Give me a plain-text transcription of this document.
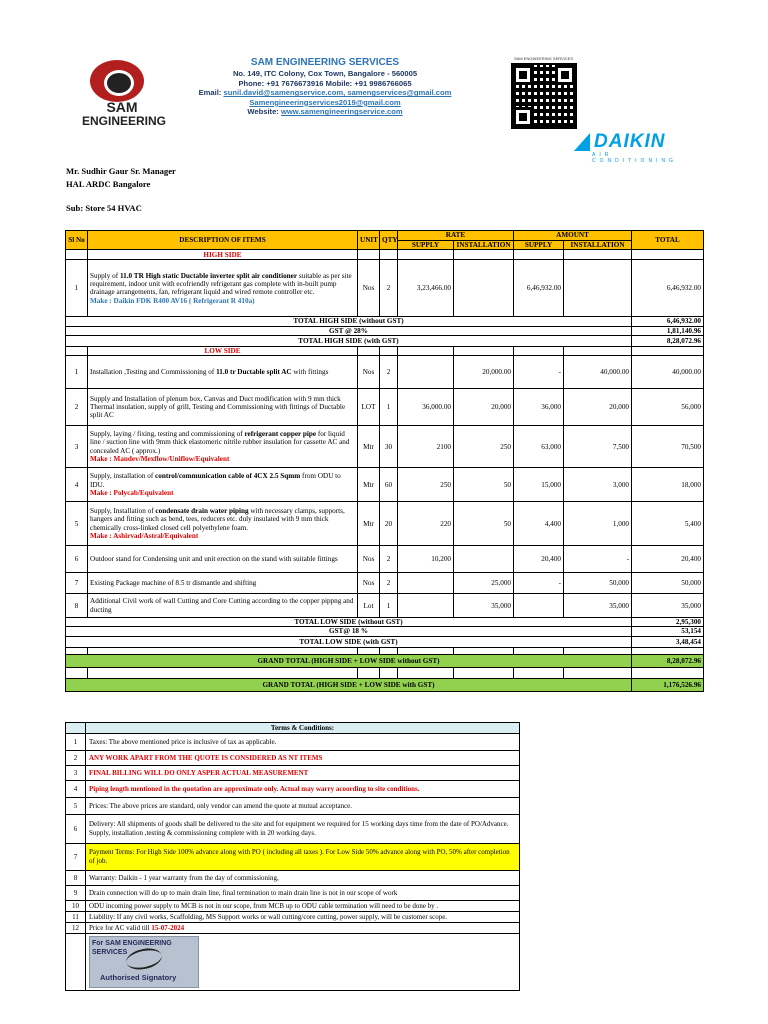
SAM
ENGINEERING
SAM ENGINEERING SERVICES
No. 149, ITC Colony, Cox Town, Bangalore - 560005
Phone: +91 7676673916 Mobile: +91 9986766065
Email: sunil.david@samengservice.com, samengservices@gmail.com
Samengineeringservices2019@gmail.com
Website: www.samengineeringservice.com
SAM ENGINEERING SERVICES
DAIKIN
AIR CONDITIONING
Mr. Sudhir Gaur Sr. Manager
HAL ARDC Bangalore
Sub: Store 54 HVAC
Sl No	DESCRIPTION OF ITEMS	UNIT	QTY	RATE		AMOUNT		TOTAL
				SUPPLY	INSTALLATION	SUPPLY	INSTALLATION	
	HIGH SIDE							
1	Supply of 11.0 TR High static Ductable inverter split air conditioner suitable as per site requirement, indoor unit with ecofriendly refrigerant gas complete with in-built pump drainage arrangements, fan, refrigerant liquid and wired remote controller etc.
Make : Daikin FDK R400 AV16 ( Refrigerant R 410a)	Nos	2	3,23,466.00		6,46,932.00		6,46,932.00
TOTAL HIGH SIDE (without GST)								6,46,932.00
GST @ 28%								1,81,140.96
TOTAL HIGH SIDE (with GST)								8,28,072.96
	LOW SIDE							
1	Installation ,Testing and Commissioning of 11.0 tr Ductable split AC with fittings	Nos	2		20,000.00	-	40,000.00	40,000.00
2	Supply and Installation of plenum box, Canvas and Duct modification with 9 mm thick Thermal insulation, supply of grill, Testing and Commissioning with fittings of Ductable split AC	LOT	1	36,000.00	20,000	36,000	20,000	56,000
3	Supply, laying / fixing, testing and commissioning of refrigerant copper pipe for liquid line / suction line with 9mm thick elastomeric nitrile rubber insulation for cassette AC and concealed AC ( approx.)
Make : Mandev/Mexflow/Uniflow/Equivalent	Mtr	30	2100	250	63,000	7,500	70,500
4	Supply, installation of control/communication cable of 4CX 2.5 Sqmm from ODU to IDU.
Make : Polycab/Equivalent	Mtr	60	250	50	15,000	3,000	18,000
5	Supply, Installation of condensate drain water piping with necessary clamps, supports, hangers and fitting such as bend, tees, reducers etc. duly insulated with 9 mm thick chemically cross-linked closed cell polyethylene foam.
Make : Ashirvad/Astral/Equivalent	Mtr	20	220	50	4,400	1,000	5,400
6	Outdoor stand for Condensing unit and unit erection on the stand with suitable fittings	Nos	2	10,200		20,400	-	20,400
7	Existing Package machine of 8.5 tr dismantle and shifting	Nos	2		25,000	-	50,000	50,000
8	Additional Civil work of wall Cutting and Core Cutting according to the copper pippng and ducting	Lot	1		35,000		35,000	35,000
TOTAL LOW SIDE (without GST)								2,95,300
GST@ 18 %								53,154
TOTAL LOW SIDE (with GST)								3,48,454

GRAND TOTAL (HIGH SIDE + LOW SIDE without GST)								8,28,072.96

GRAND TOTAL (HIGH SIDE + LOW SIDE with GST)								1,176,526.96
	Terms & Conditions:
1	Taxes: The above mentioned price is inclusive of tax as applicable.
2	ANY WORK APART FROM THE QUOTE IS CONSIDERED AS NT ITEMS
3	FINAL BILLING WILL DO ONLY ASPER ACTUAL MEASUREMENT
4	Piping length mentioned in the quotation are approximate only. Actual may warry acoording to site conditions.
5	Prices: The above prices are standard, only vendor can amend the quote at mutual acceptance.
6	Delivery: All shipments of goods shall be delivered to the site and for equipment we required for 15 working days time from the date of PO/Advance. Supply, installation ,testing & commissioning complete with in 20 working days.
7	Payment Terms: For High Side 100% advance along with PO ( including all taxes ). For Low Side 50% advance along with PO, 50% after completion of job.
8	Warranty: Daikin - 1 year warranty from the day of commissioning,
9	Drain connection will do up to main drain line, final termination to main drain line is not in our scope of work
10	ODU incoming power supply to MCB is not in our scope, from MCB up to ODU cable termination will need to be done by .
11	Liability: If any civil works, Scaffolding, MS Support works or wall cutting/core cutting, power supply, will be customer scope.
12	Price for AC valid till 15-07-2024

	For SAM ENGINEERING SERVICES
Authorised Signatory
